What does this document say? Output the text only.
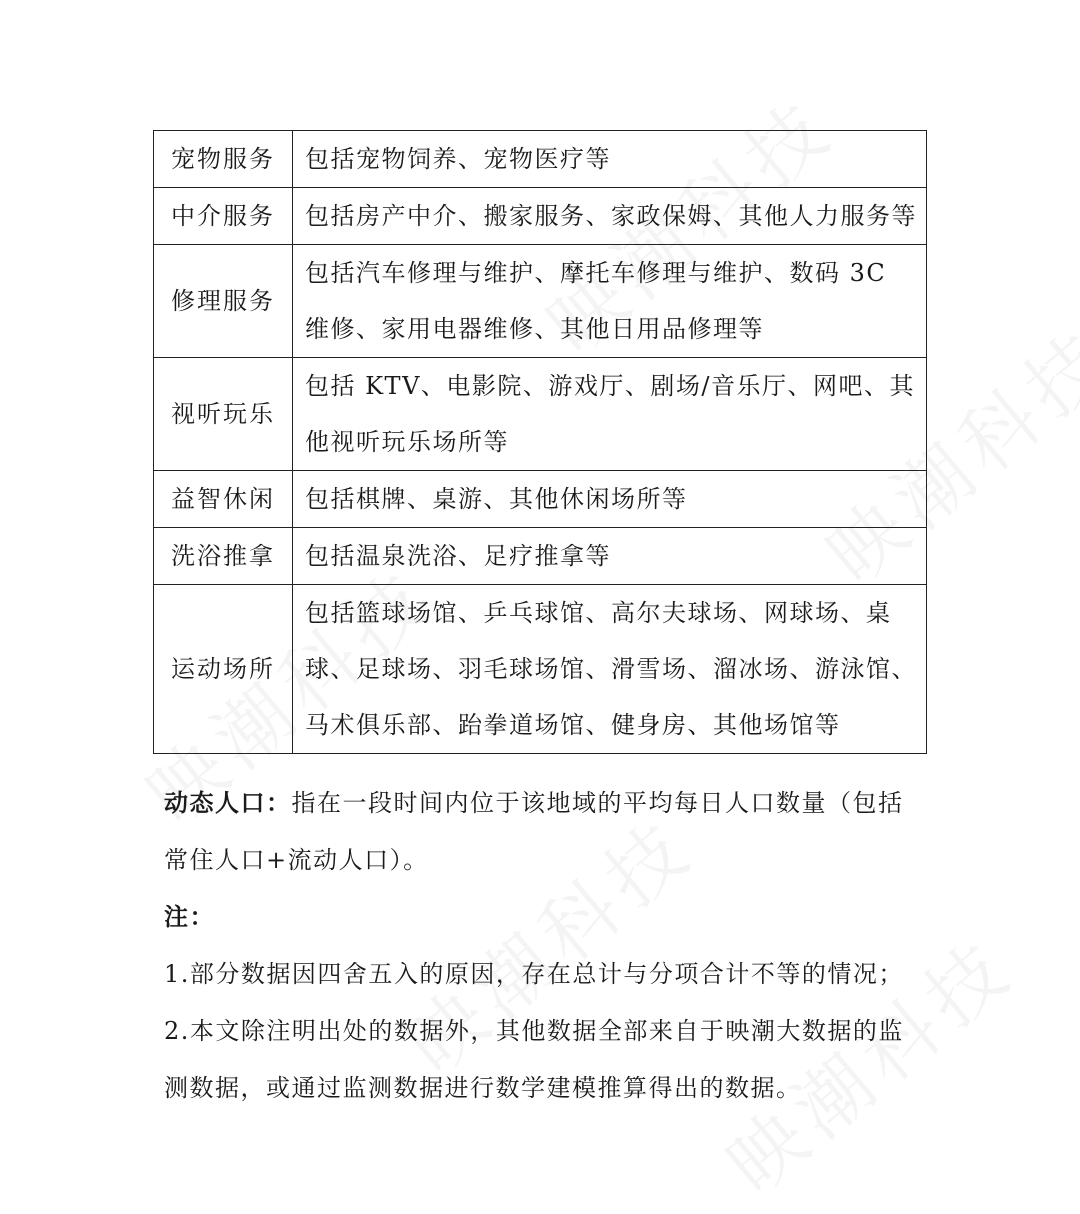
宠物服务	包括宠物饲养、宠物医疗等
中介服务	包括房产中介、搬家服务、家政保姆、其他人力服务等
修理服务	包括汽车修理与维护、摩托车修理与维护、数码 3C 维修、家用电器维修、其他日用品修理等
视听玩乐	包括 KTV、电影院、游戏厅、剧场/音乐厅、网吧、其他视听玩乐场所等
益智休闲	包括棋牌、桌游、其他休闲场所等
洗浴推拿	包括温泉洗浴、足疗推拿等
运动场所	包括篮球场馆、乒乓球馆、高尔夫球场、网球场、桌球、足球场、羽毛球场馆、滑雪场、溜冰场、游泳馆、马术俱乐部、跆拳道场馆、健身房、其他场馆等
动态人口：指在一段时间内位于该地域的平均每日人口数量（包括常住人口+流动人口）。
注：
1.部分数据因四舍五入的原因，存在总计与分项合计不等的情况；
2.本文除注明出处的数据外，其他数据全部来自于映潮大数据的监测数据，或通过监测数据进行数学建模推算得出的数据。
